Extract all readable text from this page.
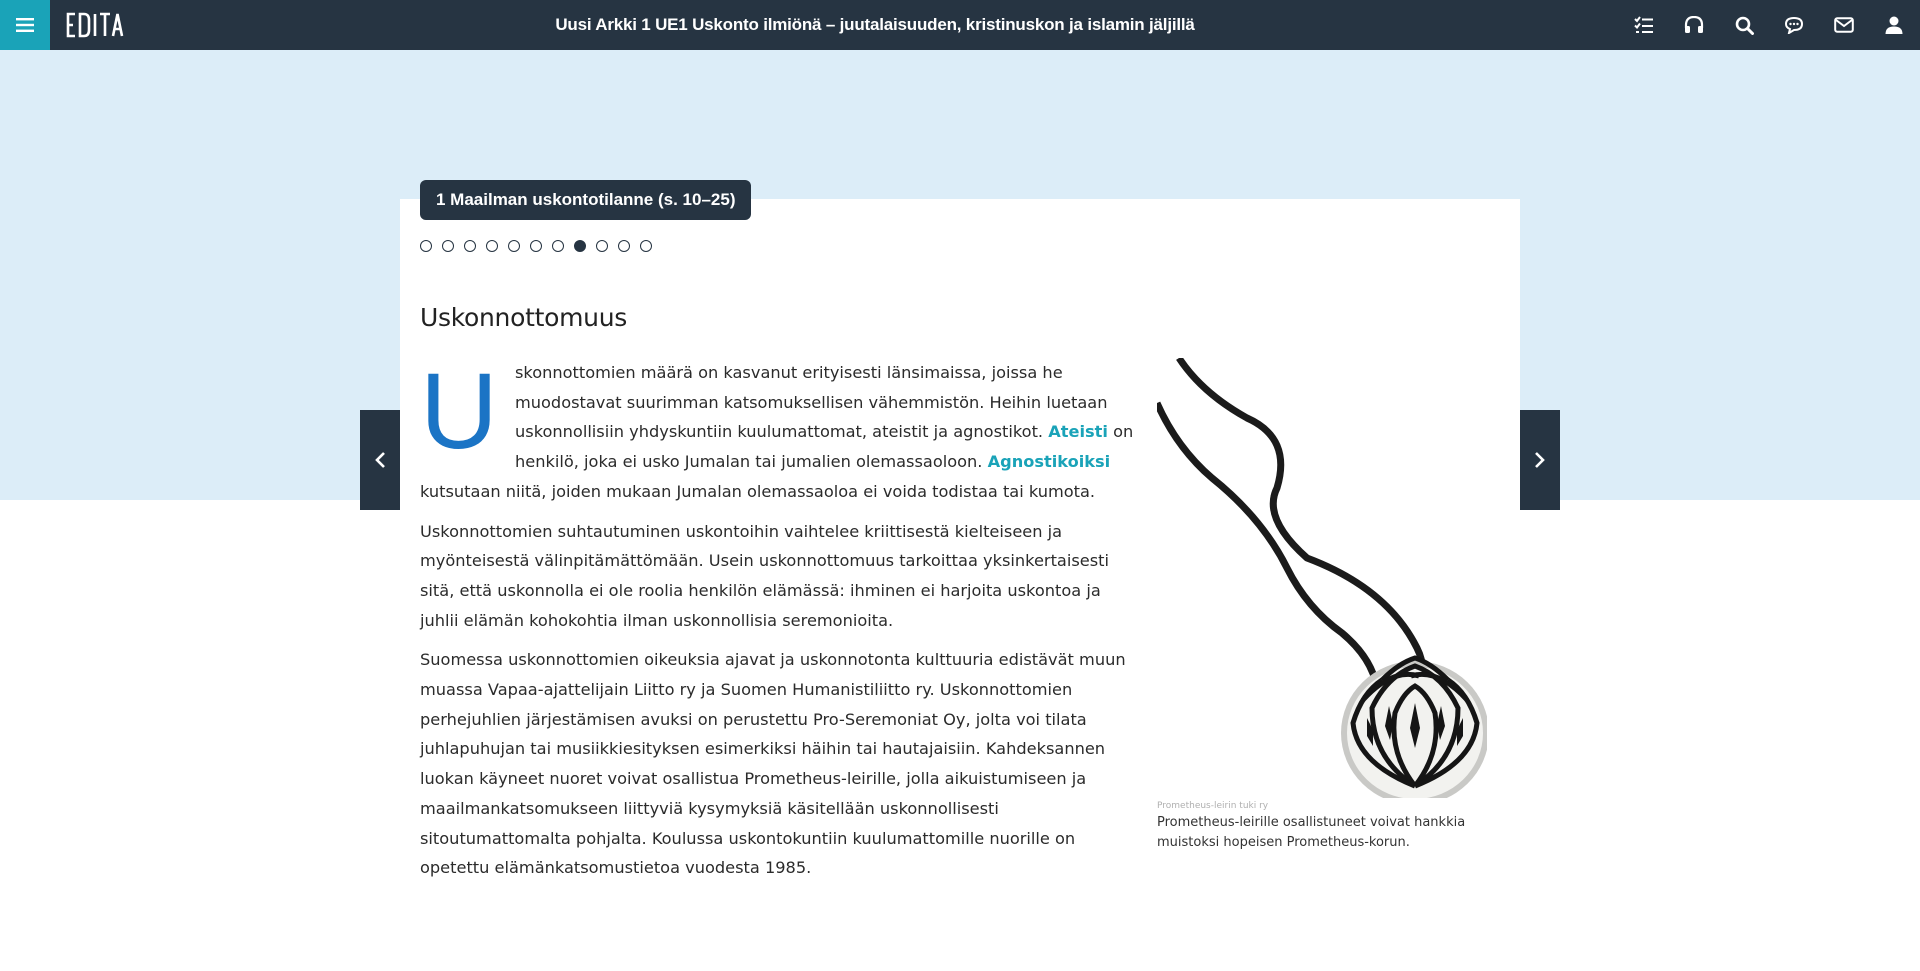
Uusi Arkki 1 UE1 Uskonto ilmiönä – juutalaisuuden, kristinuskon ja islamin jäljillä
1 Maailman uskontotilanne (s. 10–25)
Uskonnottomuus

U skonnottomien määrä on kasvanut erityisesti länsimaissa, joissa he muodostavat suurimman katsomuksellisen vähemmistön. Heihin luetaan uskonnollisiin yhdyskuntiin kuulumattomat, ateistit ja agnostikot. Ateisti on henkilö, joka ei usko Jumalan tai jumalien olemassaoloon. Agnostikoiksi kutsutaan niitä, joiden mukaan Jumalan olemassaoloa ei voida todistaa tai kumota.

Uskonnottomien suhtautuminen uskontoihin vaihtelee kriittisestä kielteiseen ja myönteisestä välinpitämättömään. Usein uskonnottomuus tarkoittaa yksinkertaisesti sitä, että uskonnolla ei ole roolia henkilön elämässä: ihminen ei harjoita uskontoa ja juhlii elämän kohokohtia ilman uskonnollisia seremonioita.

Suomessa uskonnottomien oikeuksia ajavat ja uskonnotonta kulttuuria edistävät muun muassa Vapaa-ajattelijain Liitto ry ja Suomen Humanistiliitto ry. Uskonnottomien perhejuhlien järjestämisen avuksi on perustettu Pro-Seremoniat Oy, jolta voi tilata juhlapuhujan tai musiikkiesityksen esimerkiksi häihin tai hautajaisiin. Kahdeksannen luokan käyneet nuoret voivat osallistua Prometheus-leirille, jolla aikuistumiseen ja maailmankatsomukseen liittyviä kysymyksiä käsitellään uskonnollisesti sitoutumattomalta pohjalta. Koulussa uskontokuntiin kuulumattomille nuorille on opetettu elämänkatsomustietoa vuodesta 1985.

Prometheus-leirin tuki ry
Prometheus-leirille osallistuneet voivat hankkia muistoksi hopeisen Prometheus-korun.
